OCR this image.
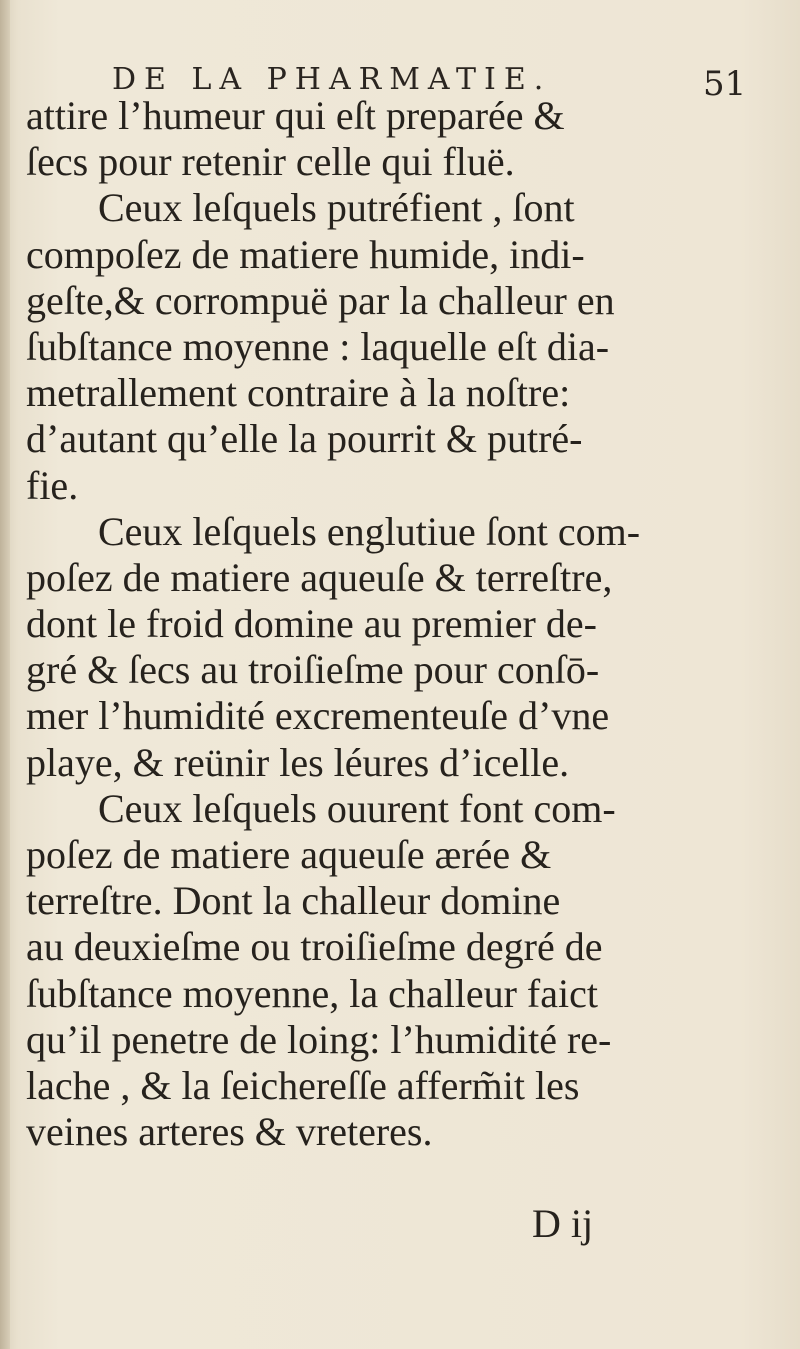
DE LA PHARMATIE.	51
attire l’humeur qui eſt preparée &
ſecs pour retenir celle qui fluë.
Ceux leſquels putréfient , ſont
compoſez de matiere humide, indi-
geſte,& corrompuë par la challeur en
ſubſtance moyenne : laquelle eſt dia-
metrallement contraire à la noſtre:
d’autant qu’elle la pourrit & putré-
fie.
Ceux leſquels englutiue ſont com-
poſez de matiere aqueuſe & terreſtre,
dont le froid domine au premier de-
gré & ſecs au troiſieſme pour conſō-
mer l’humidité excrementeuſe d’vne
playe, & reünir les léures d’icelle.
Ceux leſquels ouurent font com-
poſez de matiere aqueuſe ærée &
terreſtre. Dont la challeur domine
au deuxieſme ou troiſieſme degré de
ſubſtance moyenne, la challeur faict
qu’il penetre de loing: l’humidité re-
lache , & la ſeichereſſe afferm̃it les
veines arteres & vreteres.
D ij
